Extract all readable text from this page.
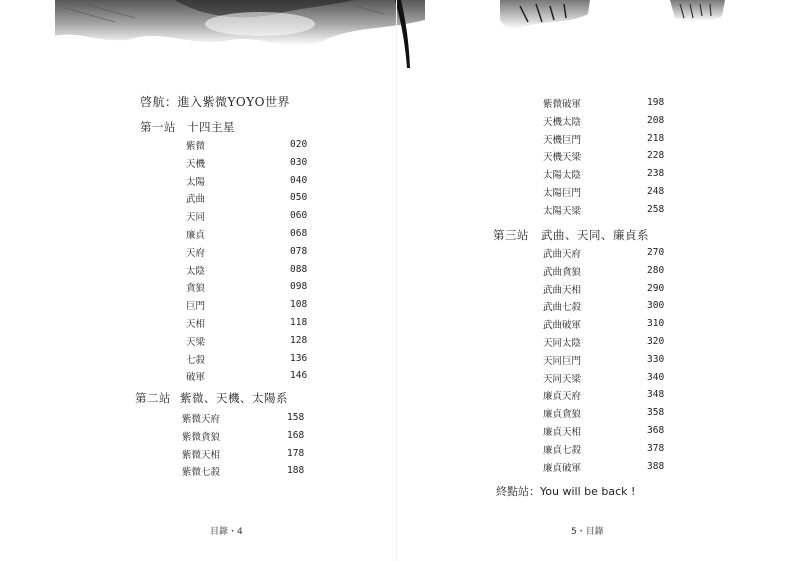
啓航：進入紫微YOYO世界
第一站 十四主星
紫微	020
天機	030
太陽	040
武曲	050
天同	060
廉貞	068
天府	078
太陰	088
貪狼	098
巨門	108
天相	118
天梁	128
七殺	136
破軍	146
第二站 紫微、天機、太陽系
紫微天府	158
紫微貪狼	168
紫微天相	178
紫微七殺	188
目錄・4
紫微破軍	198
天機太陰	208
天機巨門	218
天機天梁	228
太陽太陰	238
太陽巨門	248
太陽天梁	258
第三站 武曲、天同、廉貞系
武曲天府	270
武曲貪狼	280
武曲天相	290
武曲七殺	300
武曲破軍	310
天同太陰	320
天同巨門	330
天同天梁	340
廉貞天府	348
廉貞貪狼	358
廉貞天相	368
廉貞七殺	378
廉貞破軍	388
終點站：You will be back !
5・目錄
